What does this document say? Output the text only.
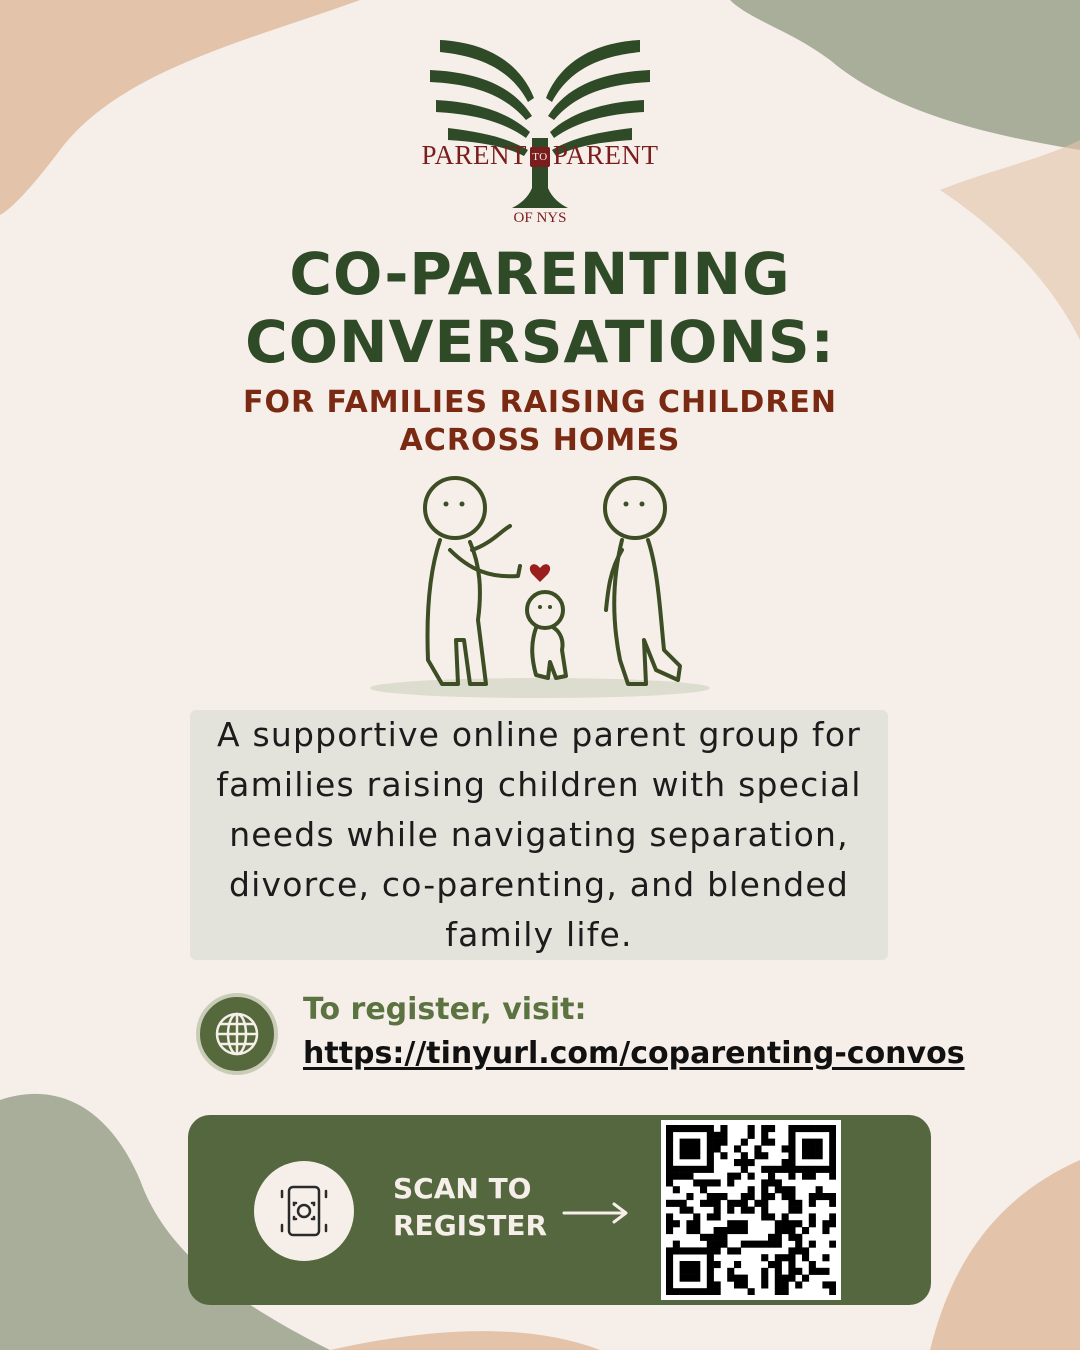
PARENT TO PARENT
OF NYS
CO-PARENTING
CONVERSATIONS:
FOR FAMILIES RAISING CHILDREN
ACROSS HOMES
A supportive online parent group for families raising children with special needs while navigating separation, divorce, co-parenting, and blended family life.
To register, visit:
https://tinyurl.com/coparenting-convos
SCAN TO
REGISTER
